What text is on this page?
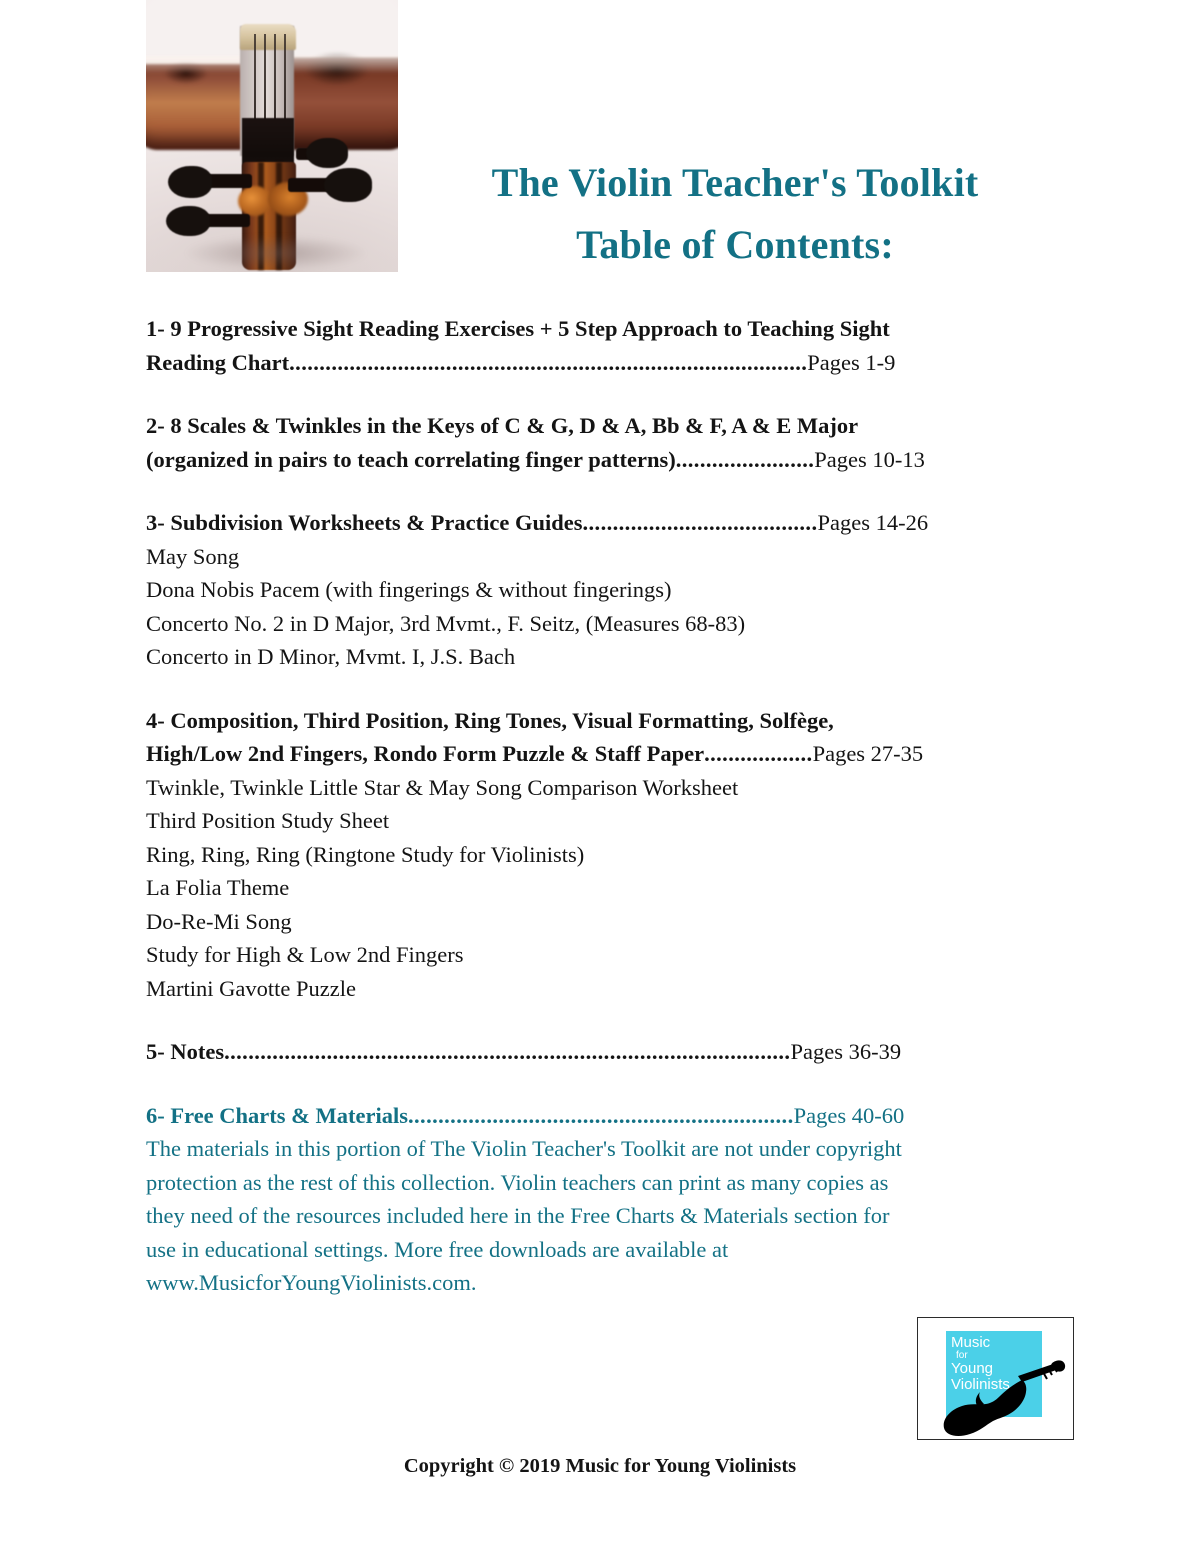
The Violin Teacher's Toolkit
Table of Contents:
1- 9 Progressive Sight Reading Exercises + 5 Step Approach to Teaching Sight
Reading Chart......................................................................................Pages 1-9
2- 8 Scales & Twinkles in the Keys of C & G, D & A, Bb & F, A & E Major
(organized in pairs to teach correlating finger patterns).......................Pages 10-13
3- Subdivision Worksheets & Practice Guides.......................................Pages 14-26
May Song
Dona Nobis Pacem (with fingerings & without fingerings)
Concerto No. 2 in D Major, 3rd Mvmt., F. Seitz, (Measures 68-83)
Concerto in D Minor, Mvmt. I, J.S. Bach
4- Composition, Third Position, Ring Tones, Visual Formatting, Solfège,
High/Low 2nd Fingers, Rondo Form Puzzle & Staff Paper..................Pages 27-35
Twinkle, Twinkle Little Star & May Song Comparison Worksheet
Third Position Study Sheet
Ring, Ring, Ring (Ringtone Study for Violinists)
La Folia Theme
Do-Re-Mi Song
Study for High & Low 2nd Fingers
Martini Gavotte Puzzle
5- Notes..............................................................................................Pages 36-39
6- Free Charts & Materials................................................................Pages 40-60
The materials in this portion of The Violin Teacher's Toolkit are not under copyright
protection as the rest of this collection. Violin teachers can print as many copies as
they need of the resources included here in the Free Charts & Materials section for
use in educational settings. More free downloads are available at
www.MusicforYoungViolinists.com.
Music
for
Young
Violinists
Copyright © 2019 Music for Young Violinists
